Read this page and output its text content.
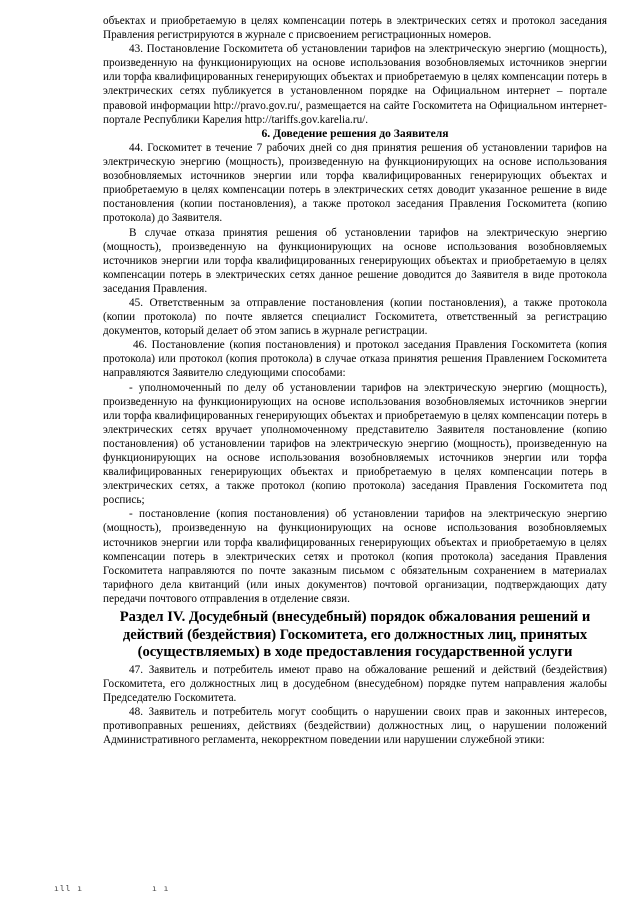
объектах и приобретаемую в целях компенсации потерь в электрических сетях и протокол заседания Правления регистрируются в журнале с присвоением регистрационных номеров.

43. Постановление Госкомитета об установлении тарифов на электрическую энергию (мощность), произведенную на функционирующих на основе использования возобновляемых источников энергии или торфа квалифицированных генерирующих объектах и приобретаемую в целях компенсации потерь в электрических сетях публикуется в установленном порядке на Официальном интернет – портале правовой информации http://pravo.gov.ru/, размещается на сайте Госкомитета на Официальном интернет-портале Республики Карелия http://tariffs.gov.karelia.ru/.

6. Доведение решения до Заявителя

44. Госкомитет в течение 7 рабочих дней со дня принятия решения об установлении тарифов на электрическую энергию (мощность), произведенную на функционирующих на основе использования возобновляемых источников энергии или торфа квалифицированных генерирующих объектах и приобретаемую в целях компенсации потерь в электрических сетях доводит указанное решение в виде постановления (копии постановления), а также протокол заседания Правления Госкомитета (копию протокола) до Заявителя.

В случае отказа принятия решения об установлении тарифов на электрическую энергию (мощность), произведенную на функционирующих на основе использования возобновляемых источников энергии или торфа квалифицированных генерирующих объектах и приобретаемую в целях компенсации потерь в электрических сетях данное решение доводится до Заявителя в виде протокола заседания Правления.

45. Ответственным за отправление постановления (копии постановления), а также протокола (копии протокола) по почте является специалист Госкомитета, ответственный за регистрацию документов, который делает об этом запись в журнале регистрации.

46. Постановление (копия постановления) и протокол заседания Правления Госкомитета (копия протокола) или протокол (копия протокола) в случае отказа принятия решения Правлением Госкомитета направляются Заявителю следующими способами:

- уполномоченный по делу об установлении тарифов на электрическую энергию (мощность), произведенную на функционирующих на основе использования возобновляемых источников энергии или торфа квалифицированных генерирующих объектах и приобретаемую в целях компенсации потерь в электрических сетях вручает уполномоченному представителю Заявителя постановление (копию постановления) об установлении тарифов на электрическую энергию (мощность), произведенную на функционирующих на основе использования возобновляемых источников энергии или торфа квалифицированных генерирующих объектах и приобретаемую в целях компенсации потерь в электрических сетях, а также протокол (копию протокола) заседания Правления Госкомитета под роспись;

- постановление (копия постановления) об установлении тарифов на электрическую энергию (мощность), произведенную на функционирующих на основе использования возобновляемых источников энергии или торфа квалифицированных генерирующих объектах и приобретаемую в целях компенсации потерь в электрических сетях и протокол (копия протокола) заседания Правления Госкомитета направляются по почте заказным письмом с обязательным сохранением в материалах тарифного дела квитанций (или иных документов) почтовой организации, подтверждающих дату передачи почтового отправления в отделение связи.

Раздел IV. Досудебный (внесудебный) порядок обжалования решений и действий (бездействия) Госкомитета, его должностных лиц, принятых (осуществляемых) в ходе предоставления государственной услуги

47. Заявитель и потребитель имеют право на обжалование решений и действий (бездействия) Госкомитета, его должностных лиц в досудебном (внесудебном) порядке путем направления жалобы Председателю Госкомитета.

48. Заявитель и потребитель могут сообщить о нарушении своих прав и законных интересов, противоправных решениях, действиях (бездействии) должностных лиц, о нарушении положений Административного регламента, некорректном поведении или нарушении служебной этики:

ıll ı	ı ı
